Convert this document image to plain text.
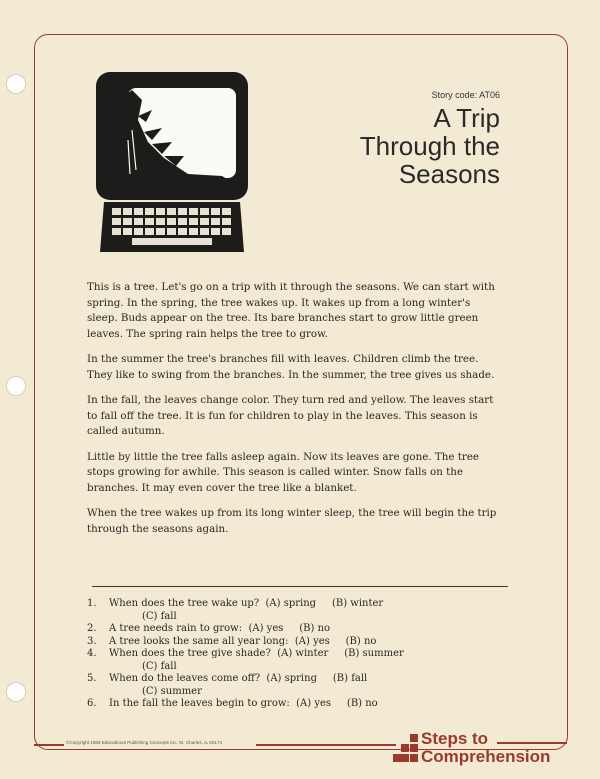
Story code: AT06
A Trip
Through the
Seasons

This is a tree. Let's go on a trip with it through the seasons. We can start with spring. In the spring, the tree wakes up. It wakes up from a long winter's sleep. Buds appear on the tree. Its bare branches start to grow little green leaves. The spring rain helps the tree to grow.

In the summer the tree's branches fill with leaves. Children climb the tree. They like to swing from the branches. In the summer, the tree gives us shade.

In the fall, the leaves change color. They turn red and yellow. The leaves start to fall off the tree. It is fun for children to play in the leaves. This season is called autumn.

Little by little the tree falls asleep again. Now its leaves are gone. The tree stops growing for awhile. This season is called winter. Snow falls on the branches. It may even cover the tree like a blanket.

When the tree wakes up from its long winter sleep, the tree will begin the trip through the seasons again.

1.	When does the tree wake up?  (A) spring     (B) winter
(C) fall
2.	A tree needs rain to grow:  (A) yes     (B) no
3.	A tree looks the same all year long:  (A) yes     (B) no
4.	When does the tree give shade?  (A) winter     (B) summer
(C) fall
5.	When do the leaves come off?  (A) spring     (B) fall
(C) summer
6.	In the fall the leaves begin to grow:  (A) yes     (B) no
©Copyright 1986 Educational Publishing Concepts Inc. St. Charles, IL 60174	Steps to
Comprehension
